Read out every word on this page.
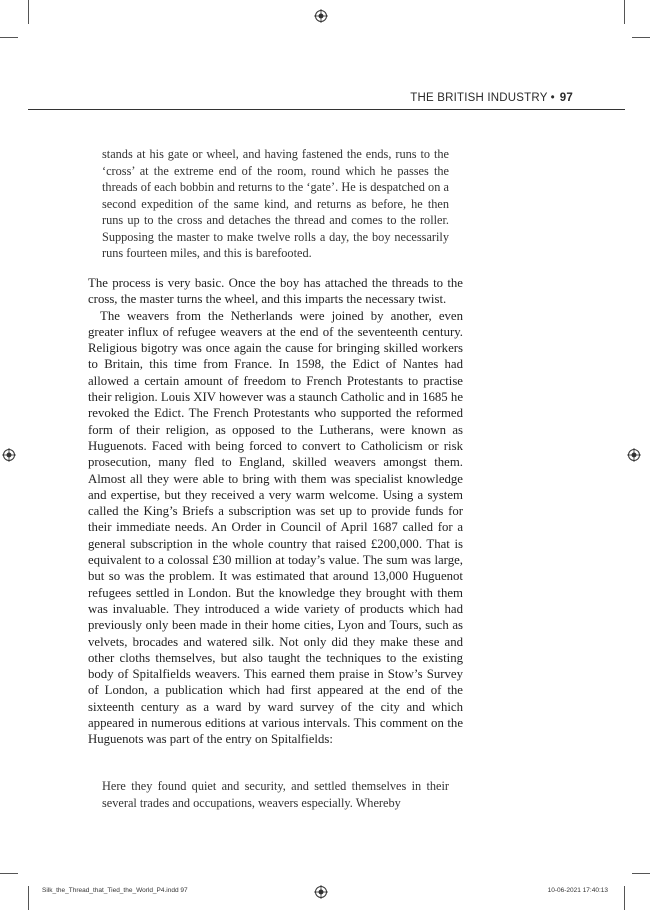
THE BRITISH INDUSTRY • 97

stands at his gate or wheel, and having fastened the ends, runs to the ‘cross’ at the extreme end of the room, round which he passes the threads of each bobbin and returns to the ‘gate’. He is despatched on a second expedition of the same kind, and returns as before, he then runs up to the cross and detaches the thread and comes to the roller. Supposing the master to make twelve rolls a day, the boy necessarily runs fourteen miles, and this is barefooted.

The process is very basic. Once the boy has attached the threads to the cross, the master turns the wheel, and this imparts the necessary twist.

The weavers from the Netherlands were joined by another, even greater influx of refugee weavers at the end of the seventeenth century. Religious bigotry was once again the cause for bringing skilled workers to Britain, this time from France. In 1598, the Edict of Nantes had allowed a certain amount of freedom to French Protestants to practise their religion. Louis XIV however was a staunch Catholic and in 1685 he revoked the Edict. The French Protestants who supported the reformed form of their religion, as opposed to the Lutherans, were known as Huguenots. Faced with being forced to convert to Catholicism or risk prosecution, many fled to England, skilled weavers amongst them. Almost all they were able to bring with them was specialist knowledge and expertise, but they received a very warm welcome. Using a system called the King’s Briefs a subscription was set up to provide funds for their immediate needs. An Order in Council of April 1687 called for a general subscription in the whole country that raised £200,000. That is equivalent to a colossal £30 million at today’s value. The sum was large, but so was the problem. It was estimated that around 13,000 Huguenot refugees settled in London. But the knowledge they brought with them was invaluable. They introduced a wide variety of products which had previously only been made in their home cities, Lyon and Tours, such as velvets, brocades and watered silk. Not only did they make these and other cloths themselves, but also taught the techniques to the existing body of Spitalfields weavers. This earned them praise in Stow’s Survey of London, a publication which had first appeared at the end of the sixteenth century as a ward by ward survey of the city and which appeared in numerous editions at various intervals. This comment on the Huguenots was part of the entry on Spitalfields:

Here they found quiet and security, and settled themselves in their several trades and occupations, weavers especially. Whereby

Silk_the_Thread_that_Tied_the_World_P4.indd 97	10-06-2021 17:40:13
